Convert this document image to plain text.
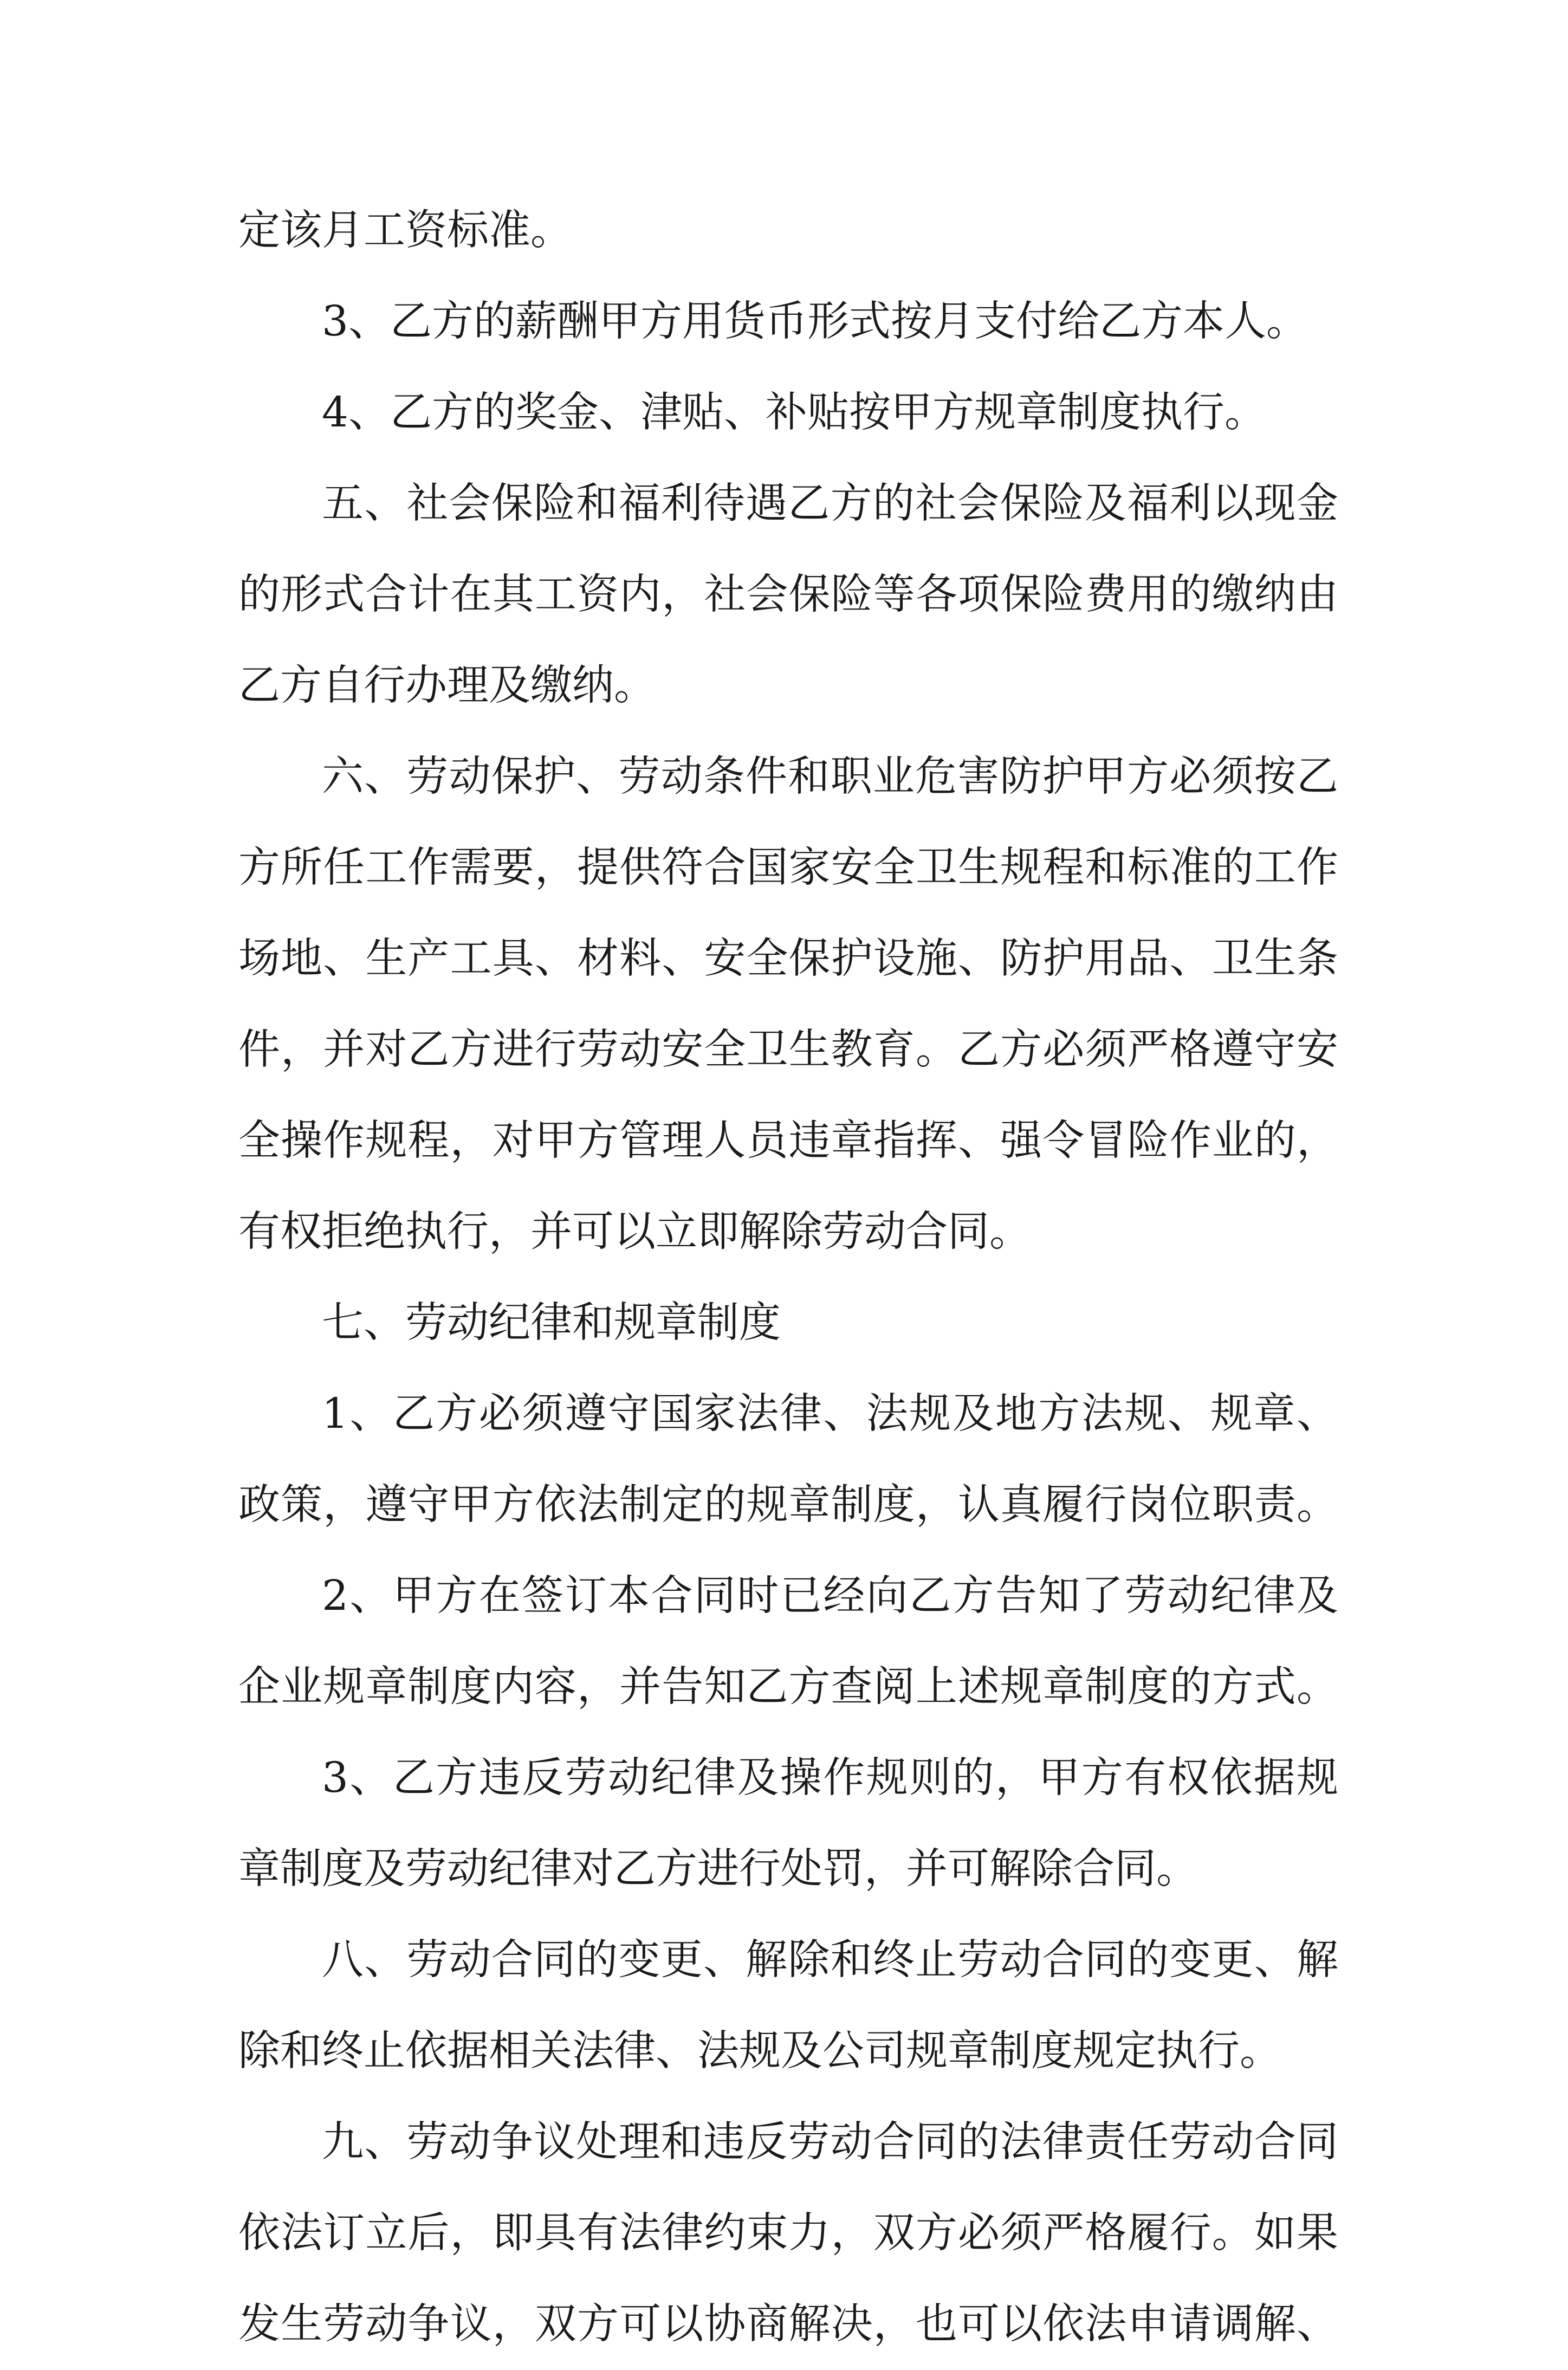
定该月工资标准。
3、乙方的薪酬甲方用货币形式按月支付给乙方本人。
4、乙方的奖金、津贴、补贴按甲方规章制度执行。
五、社会保险和福利待遇乙方的社会保险及福利以现金
的形式合计在其工资内，社会保险等各项保险费用的缴纳由
乙方自行办理及缴纳。
六、劳动保护、劳动条件和职业危害防护甲方必须按乙
方所任工作需要，提供符合国家安全卫生规程和标准的工作
场地、生产工具、材料、安全保护设施、防护用品、卫生条
件，并对乙方进行劳动安全卫生教育。乙方必须严格遵守安
全操作规程，对甲方管理人员违章指挥、强令冒险作业的，
有权拒绝执行，并可以立即解除劳动合同。
七、劳动纪律和规章制度
1、乙方必须遵守国家法律、法规及地方法规、规章、
政策，遵守甲方依法制定的规章制度，认真履行岗位职责。
2、甲方在签订本合同时已经向乙方告知了劳动纪律及
企业规章制度内容，并告知乙方查阅上述规章制度的方式。
3、乙方违反劳动纪律及操作规则的，甲方有权依据规
章制度及劳动纪律对乙方进行处罚，并可解除合同。
八、劳动合同的变更、解除和终止劳动合同的变更、解
除和终止依据相关法律、法规及公司规章制度规定执行。
九、劳动争议处理和违反劳动合同的法律责任劳动合同
依法订立后，即具有法律约束力，双方必须严格履行。如果
发生劳动争议，双方可以协商解决，也可以依法申请调解、
